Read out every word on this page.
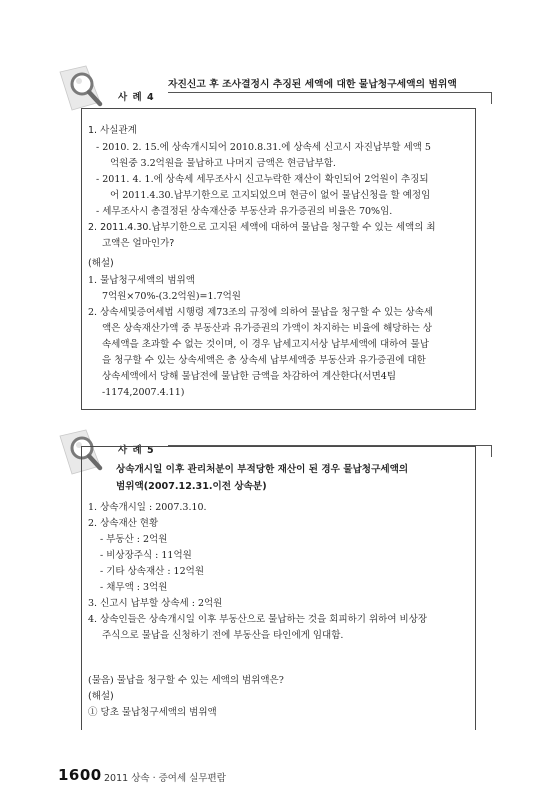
사 례 4
자진신고 후 조사결정시 추징된 세액에 대한 물납청구세액의 범위액
1. 사실관계
- 2010. 2. 15.에 상속개시되어 2010.8.31.에 상속세 신고시 자진납부할 세액 5
억원중 3.2억원을 물납하고 나머지 금액은 현금납부함.
- 2011. 4. 1.에 상속세 세무조사시 신고누락한 재산이 확인되어 2억원이 추징되
어 2011.4.30.납부기한으로 고지되었으며 현금이 없어 물납신청을 할 예정임
- 세무조사시 총결정된 상속재산중 부동산과 유가증권의 비율은 70%임.
2. 2011.4.30.납부기한으로 고지된 세액에 대하여 물납을 청구할 수 있는 세액의 최
고액은 얼마인가?
(해설)
1. 물납청구세액의 범위액
7억원×70%-(3.2억원)=1.7억원
2. 상속세및증여세법 시행령 제73조의 규정에 의하여 물납을 청구할 수 있는 상속세
액은 상속재산가액 중 부동산과 유가증권의 가액이 차지하는 비율에 해당하는 상
속세액을 초과할 수 없는 것이며, 이 경우 납세고지서상 납부세액에 대하여 물납
을 청구할 수 있는 상속세액은 총 상속세 납부세액중 부동산과 유가증권에 대한
상속세액에서 당해 물납전에 물납한 금액을 차감하여 계산한다(서면4팀
-1174,2007.4.11)
사 례 5
상속개시일 이후 관리처분이 부적당한 재산이 된 경우 물납청구세액의
범위액(2007.12.31.이전 상속분)
1. 상속개시일 : 2007.3.10.
2. 상속재산 현황
- 부동산 : 2억원
- 비상장주식 : 11억원
- 기타 상속재산 : 12억원
- 채무액 : 3억원
3. 신고시 납부할 상속세 : 2억원
4. 상속인들은 상속개시일 이후 부동산으로 물납하는 것을 회피하기 위하여 비상장
주식으로 물납을 신청하기 전에 부동산을 타인에게 임대함.
(물음) 물납을 청구할 수 있는 세액의 범위액은?
(해설)
① 당초 물납청구세액의 범위액
1600 2011 상속 · 증여세 실무편람
